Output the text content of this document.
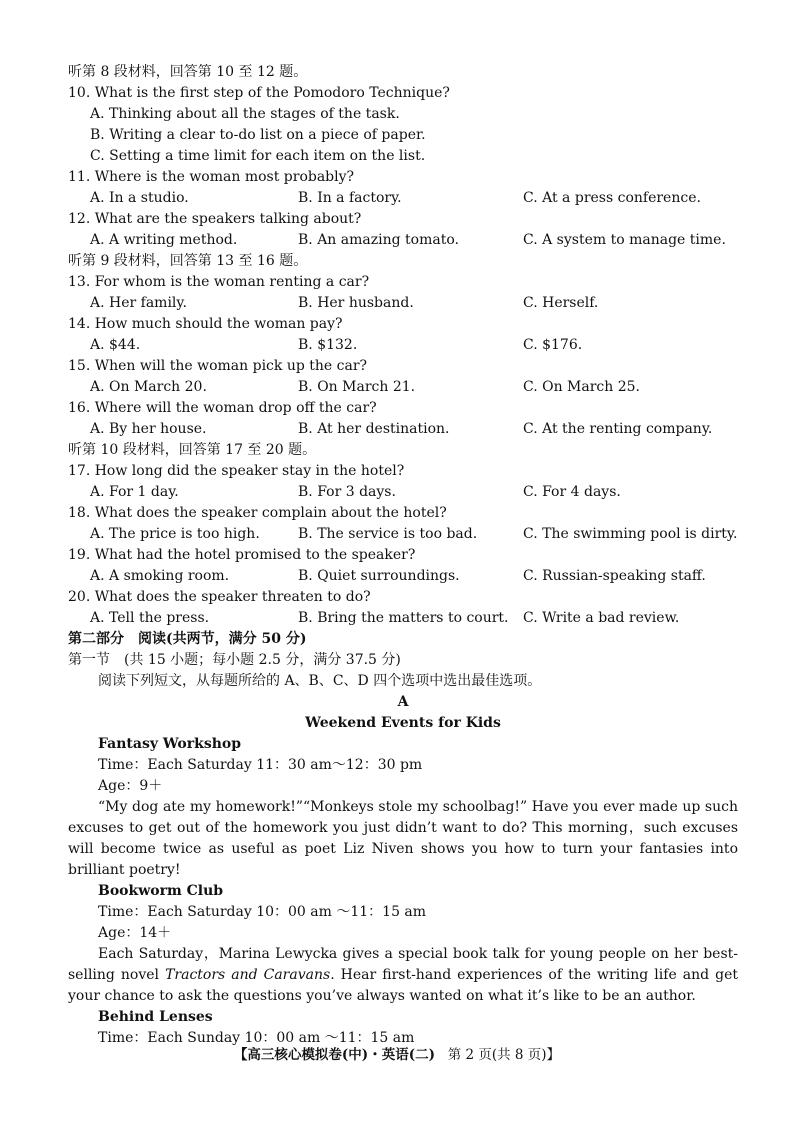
听第 8 段材料，回答第 10 至 12 题。
10. What is the first step of the Pomodoro Technique?
A. Thinking about all the stages of the task.
B. Writing a clear to-do list on a piece of paper.
C. Setting a time limit for each item on the list.
11. Where is the woman most probably?
A. In a studio.	B. In a factory.	C. At a press conference.
12. What are the speakers talking about?
A. A writing method.	B. An amazing tomato.	C. A system to manage time.
听第 9 段材料，回答第 13 至 16 题。
13. For whom is the woman renting a car?
A. Her family.	B. Her husband.	C. Herself.
14. How much should the woman pay?
A. $44.	B. $132.	C. $176.
15. When will the woman pick up the car?
A. On March 20.	B. On March 21.	C. On March 25.
16. Where will the woman drop off the car?
A. By her house.	B. At her destination.	C. At the renting company.
听第 10 段材料，回答第 17 至 20 题。
17. How long did the speaker stay in the hotel?
A. For 1 day.	B. For 3 days.	C. For 4 days.
18. What does the speaker complain about the hotel?
A. The price is too high.	B. The service is too bad.	C. The swimming pool is dirty.
19. What had the hotel promised to the speaker?
A. A smoking room.	B. Quiet surroundings.	C. Russian-speaking staff.
20. What does the speaker threaten to do?
A. Tell the press.	B. Bring the matters to court.	C. Write a bad review.
第二部分　阅读(共两节，满分 50 分)
第一节　(共 15 小题；每小题 2.5 分，满分 37.5 分)
阅读下列短文，从每题所给的 A、B、C、D 四个选项中选出最佳选项。
A
Weekend Events for Kids
Fantasy Workshop
Time：Each Saturday 11：30 am～12：30 pm
Age：9＋
“My dog ate my homework!”“Monkeys stole my schoolbag!” Have you ever made up such excuses to get out of the homework you just didn’t want to do? This morning，such excuses will become twice as useful as poet Liz Niven shows you how to turn your fantasies into brilliant poetry!
Bookworm Club
Time：Each Saturday 10：00 am ～11：15 am
Age：14＋
Each Saturday，Marina Lewycka gives a special book talk for young people on her best-selling novel Tractors and Caravans. Hear first-hand experiences of the writing life and get your chance to ask the questions you’ve always wanted on what it’s like to be an author.
Behind Lenses
Time：Each Sunday 10：00 am ～11：15 am
【高三核心模拟卷(中)・英语(二) 第 2 页(共 8 页)】
